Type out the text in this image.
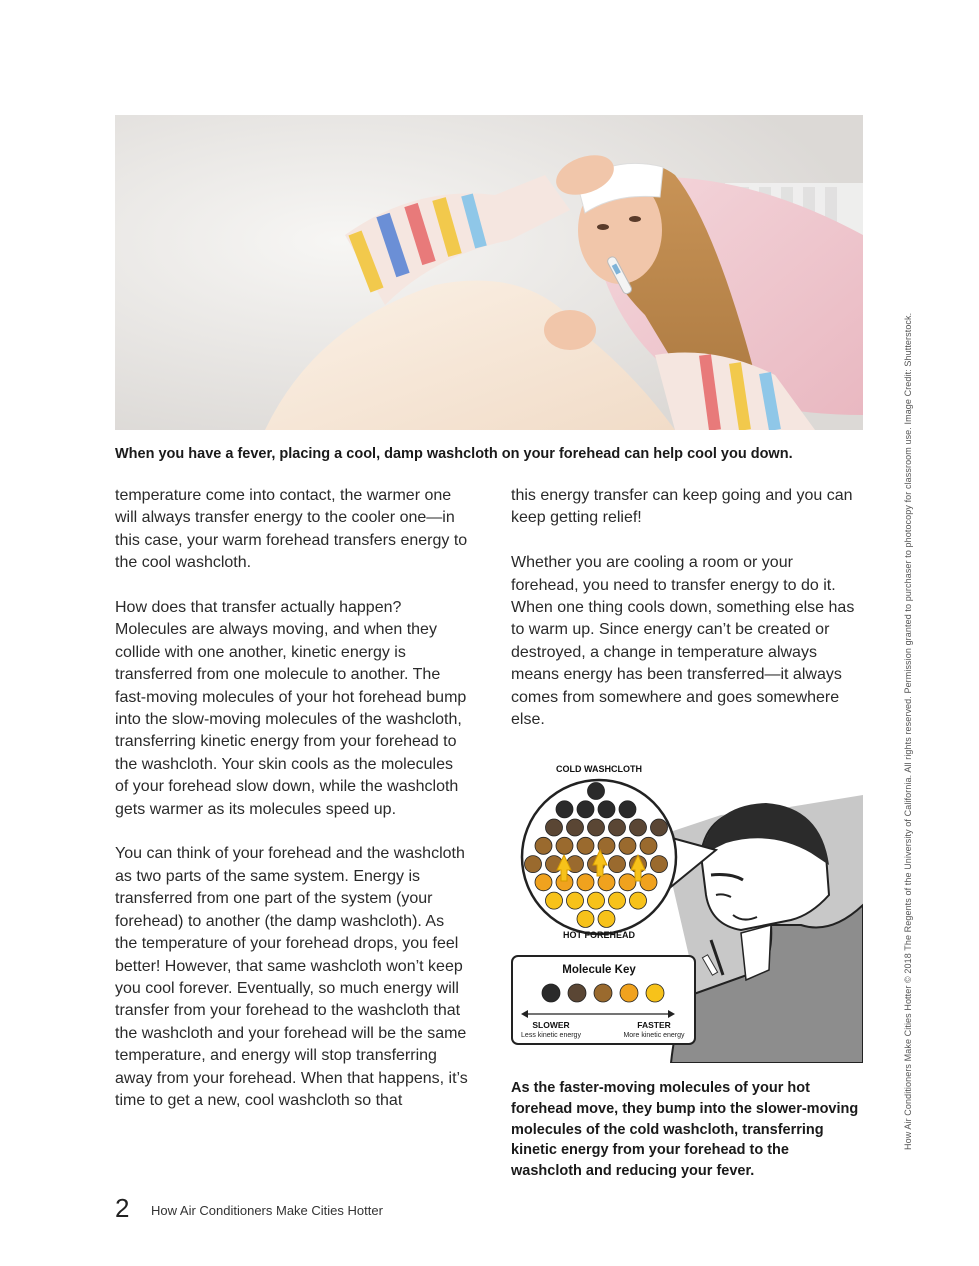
When you have a fever, placing a cool, damp washcloth on your forehead can help cool you down.

temperature come into contact, the warmer one will always transfer energy to the cooler one—in this case, your warm forehead transfers energy to the cool washcloth.

How does that transfer actually happen? Molecules are always moving, and when they collide with one another, kinetic energy is transferred from one molecule to another. The fast-moving molecules of your hot forehead bump into the slow-moving molecules of the washcloth, transferring kinetic energy from your forehead to the washcloth. Your skin cools as the molecules of your forehead slow down, while the washcloth gets warmer as its molecules speed up.

You can think of your forehead and the washcloth as two parts of the same system. Energy is transferred from one part of the system (your forehead) to another (the damp washcloth). As the temperature of your forehead drops, you feel better! However, that same washcloth won’t keep you cool forever. Eventually, so much energy will transfer from your forehead to the washcloth that the washcloth and your forehead will be the same temperature, and energy will stop transferring away from your forehead. When that happens, it’s time to get a new, cool washcloth so that

this energy transfer can keep going and you can keep getting relief!

Whether you are cooling a room or your forehead, you need to transfer energy to do it. When one thing cools down, something else has to warm up. Since energy can’t be created or destroyed, a change in temperature always means energy has been transferred—it always comes from somewhere and goes somewhere else.

COLD WASHCLOTH
HOT FOREHEAD
Molecule Key
SLOWER
Less kinetic energy
FASTER
More kinetic energy

As the faster-moving molecules of your hot forehead move, they bump into the slower-moving molecules of the cold washcloth, transferring kinetic energy from your forehead to the washcloth and reducing your fever.

2 How Air Conditioners Make Cities Hotter
How Air Conditioners Make Cities Hotter © 2018 The Regents of the University of California. All rights reserved. Permission granted to purchaser to photocopy for classroom use. Image Credit: Shutterstock.
